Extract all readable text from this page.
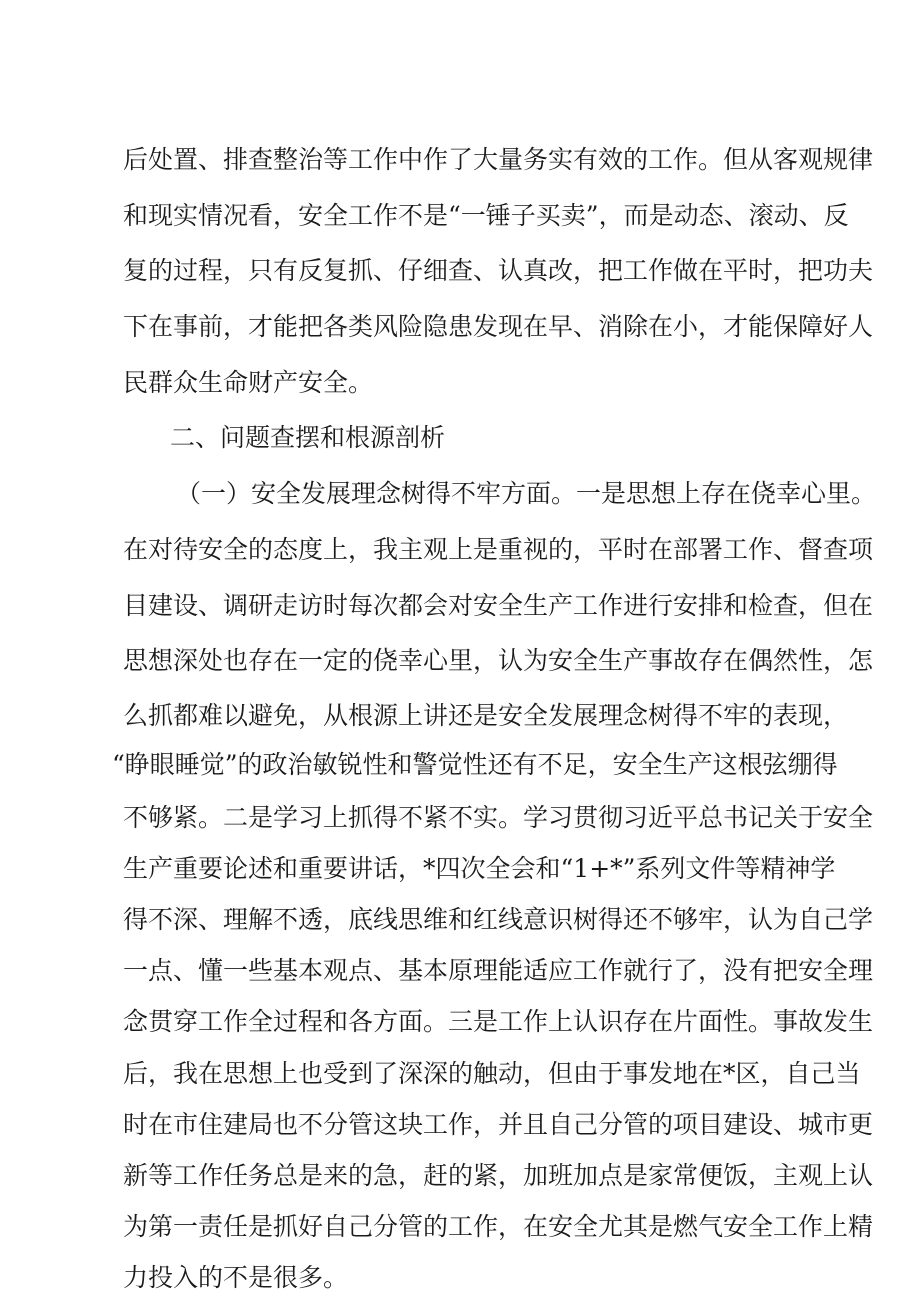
后处置、排查整治等工作中作了大量务实有效的工作。但从客观规律
和现实情况看，安全工作不是“一锤子买卖”，而是动态、滚动、反
复的过程，只有反复抓、仔细查、认真改，把工作做在平时，把功夫
下在事前，才能把各类风险隐患发现在早、消除在小，才能保障好人
民群众生命财产安全。
二、问题查摆和根源剖析
（一）安全发展理念树得不牢方面。一是思想上存在侥幸心里。
在对待安全的态度上，我主观上是重视的，平时在部署工作、督查项
目建设、调研走访时每次都会对安全生产工作进行安排和检查，但在
思想深处也存在一定的侥幸心里，认为安全生产事故存在偶然性，怎
么抓都难以避免，从根源上讲还是安全发展理念树得不牢的表现，
“睁眼睡觉”的政治敏锐性和警觉性还有不足，安全生产这根弦绷得
不够紧。二是学习上抓得不紧不实。学习贯彻习近平总书记关于安全
生产重要论述和重要讲话，*四次全会和“1+*”系列文件等精神学
得不深、理解不透，底线思维和红线意识树得还不够牢，认为自己学
一点、懂一些基本观点、基本原理能适应工作就行了，没有把安全理
念贯穿工作全过程和各方面。三是工作上认识存在片面性。事故发生
后，我在思想上也受到了深深的触动，但由于事发地在*区，自己当
时在市住建局也不分管这块工作，并且自己分管的项目建设、城市更
新等工作任务总是来的急，赶的紧，加班加点是家常便饭，主观上认
为第一责任是抓好自己分管的工作，在安全尤其是燃气安全工作上精
力投入的不是很多。
